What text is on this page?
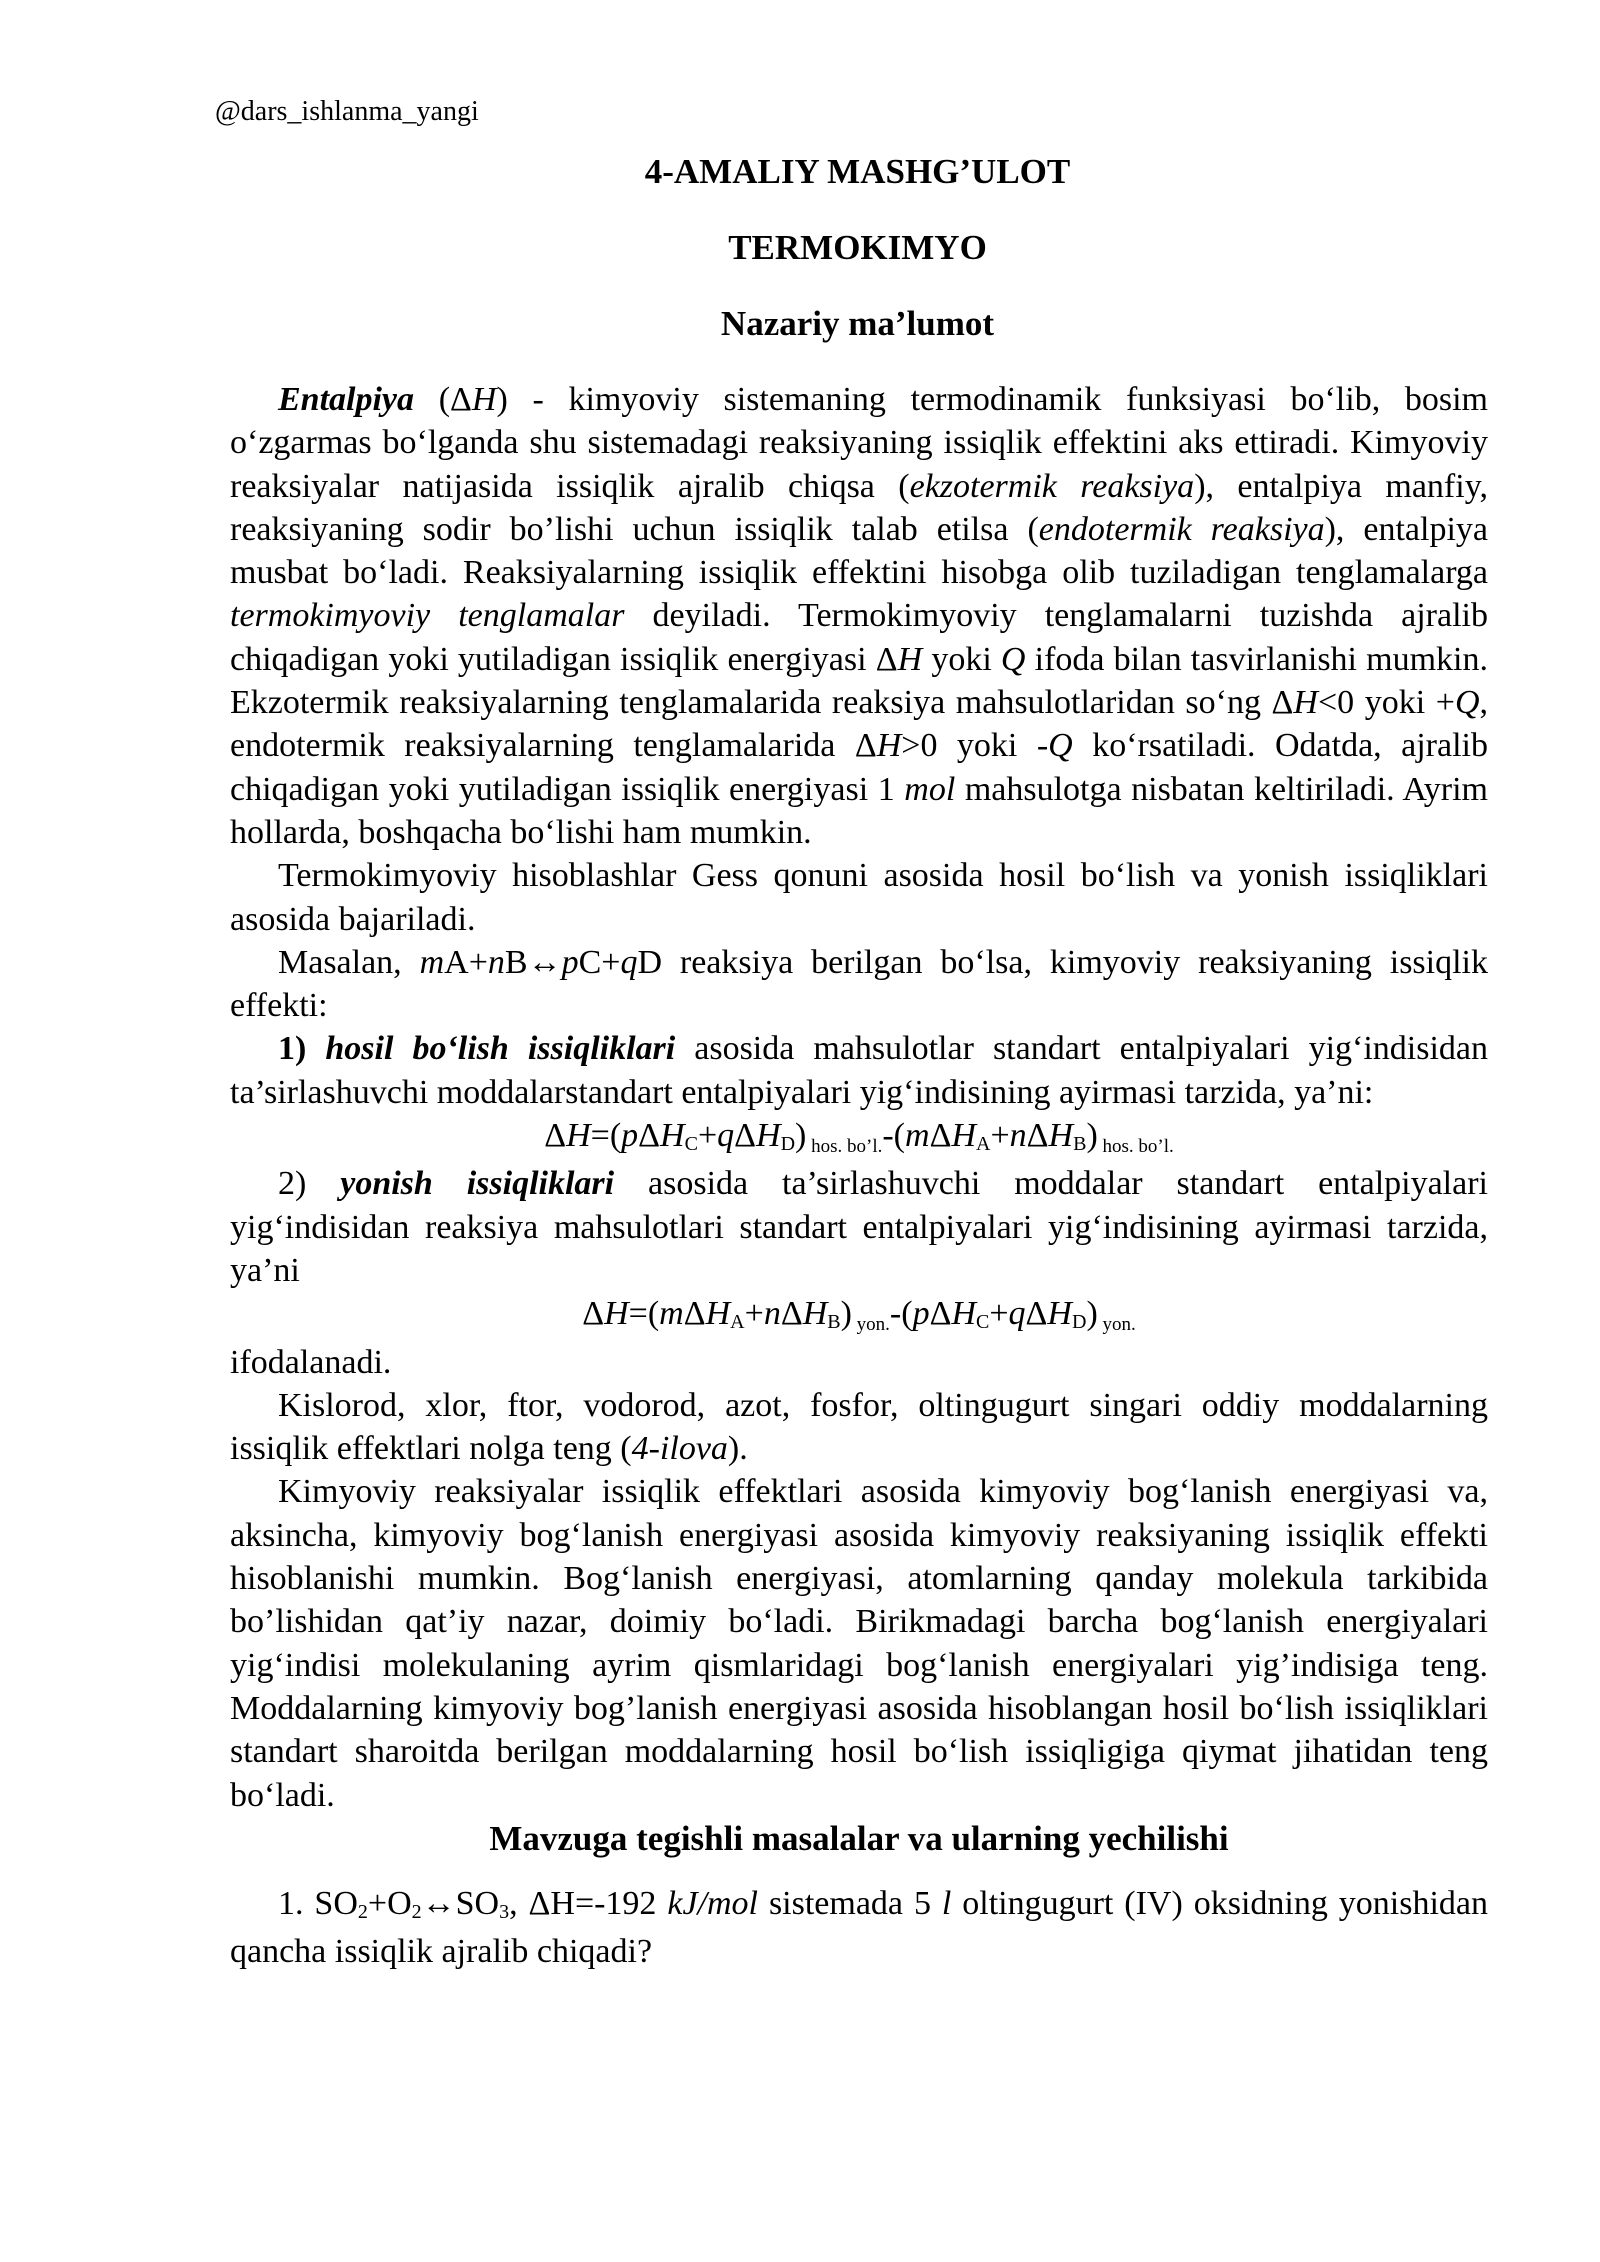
@dars_ishlanma_yangi
4-AMALIY MASHG’ULOT
TERMOKIMYO
Nazariy ma’lumot

Entalpiya (ΔH) - kimyoviy sistemaning termodinamik funksiyasi bo‘lib, bosim o‘zgarmas bo‘lganda shu sistemadagi reaksiyaning issiqlik effektini aks ettiradi. Kimyoviy reaksiyalar natijasida issiqlik ajralib chiqsa (ekzotermik reaksiya), entalpiya manfiy, reaksiyaning sodir bo’lishi uchun issiqlik talab etilsa (endotermik reaksiya), entalpiya musbat bo‘ladi. Reaksiyalarning issiqlik effektini hisobga olib tuziladigan tenglamalarga termokimyoviy tenglamalar deyiladi. Termokimyoviy tenglamalarni tuzishda ajralib chiqadigan yoki yutiladigan issiqlik energiyasi ΔH yoki Q ifoda bilan tasvirlanishi mumkin. Ekzotermik reaksiyalarning tenglamalarida reaksiya mahsulotlaridan so‘ng ΔH<0 yoki +Q, endotermik reaksiyalarning tenglamalarida ΔH>0 yoki -Q ko‘rsatiladi. Odatda, ajralib chiqadigan yoki yutiladigan issiqlik energiyasi 1 mol mahsulotga nisbatan keltiriladi. Ayrim hollarda, boshqacha bo‘lishi ham mumkin.

Termokimyoviy hisoblashlar Gess qonuni asosida hosil bo‘lish va yonish issiqliklari asosida bajariladi.

Masalan, mA+nB↔pC+qD reaksiya berilgan bo‘lsa, kimyoviy reaksiyaning issiqlik effekti:

1) hosil bo‘lish issiqliklari asosida mahsulotlar standart entalpiyalari yig‘indisidan ta’sirlashuvchi moddalarstandart entalpiyalari yig‘indisining ayirmasi tarzida, ya’ni:

ΔH=(pΔH$_C$+qΔH$_D$) $_{hos. bo’l.}$-(mΔH$_A$+nΔH$_B$) $_{hos. bo’l.}$

2) yonish issiqliklari asosida ta’sirlashuvchi moddalar standart entalpiyalari yig‘indisidan reaksiya mahsulotlari standart entalpiyalari yig‘indisining ayirmasi tarzida, ya’ni

ΔH=(mΔH$_A$+nΔH$_B$) $_{yon.}$-(pΔH$_C$+qΔH$_D$) $_{yon.}$

ifodalanadi.

Kislorod, xlor, ftor, vodorod, azot, fosfor, oltingugurt singari oddiy moddalarning issiqlik effektlari nolga teng (4-ilova).

Kimyoviy reaksiyalar issiqlik effektlari asosida kimyoviy bog‘lanish energiyasi va, aksincha, kimyoviy bog‘lanish energiyasi asosida kimyoviy reaksiyaning issiqlik effekti hisoblanishi mumkin. Bog‘lanish energiyasi, atomlarning qanday molekula tarkibida bo’lishidan qat’iy nazar, doimiy bo‘ladi. Birikmadagi barcha bog‘lanish energiyalari yig‘indisi molekulaning ayrim qismlaridagi bog‘lanish energiyalari yig’indisiga teng. Moddalarning kimyoviy bog’lanish energiyasi asosida hisoblangan hosil bo‘lish issiqliklari standart sharoitda berilgan moddalarning hosil bo‘lish issiqligiga qiymat jihatidan teng bo‘ladi.

Mavzuga tegishli masalalar va ularning yechilishi

1. $SO_2+O_2\leftrightarrow SO_3$, ΔH=-192 kJ/mol sistemada 5 l oltingugurt (IV) oksidning yonishidan qancha issiqlik ajralib chiqadi?
